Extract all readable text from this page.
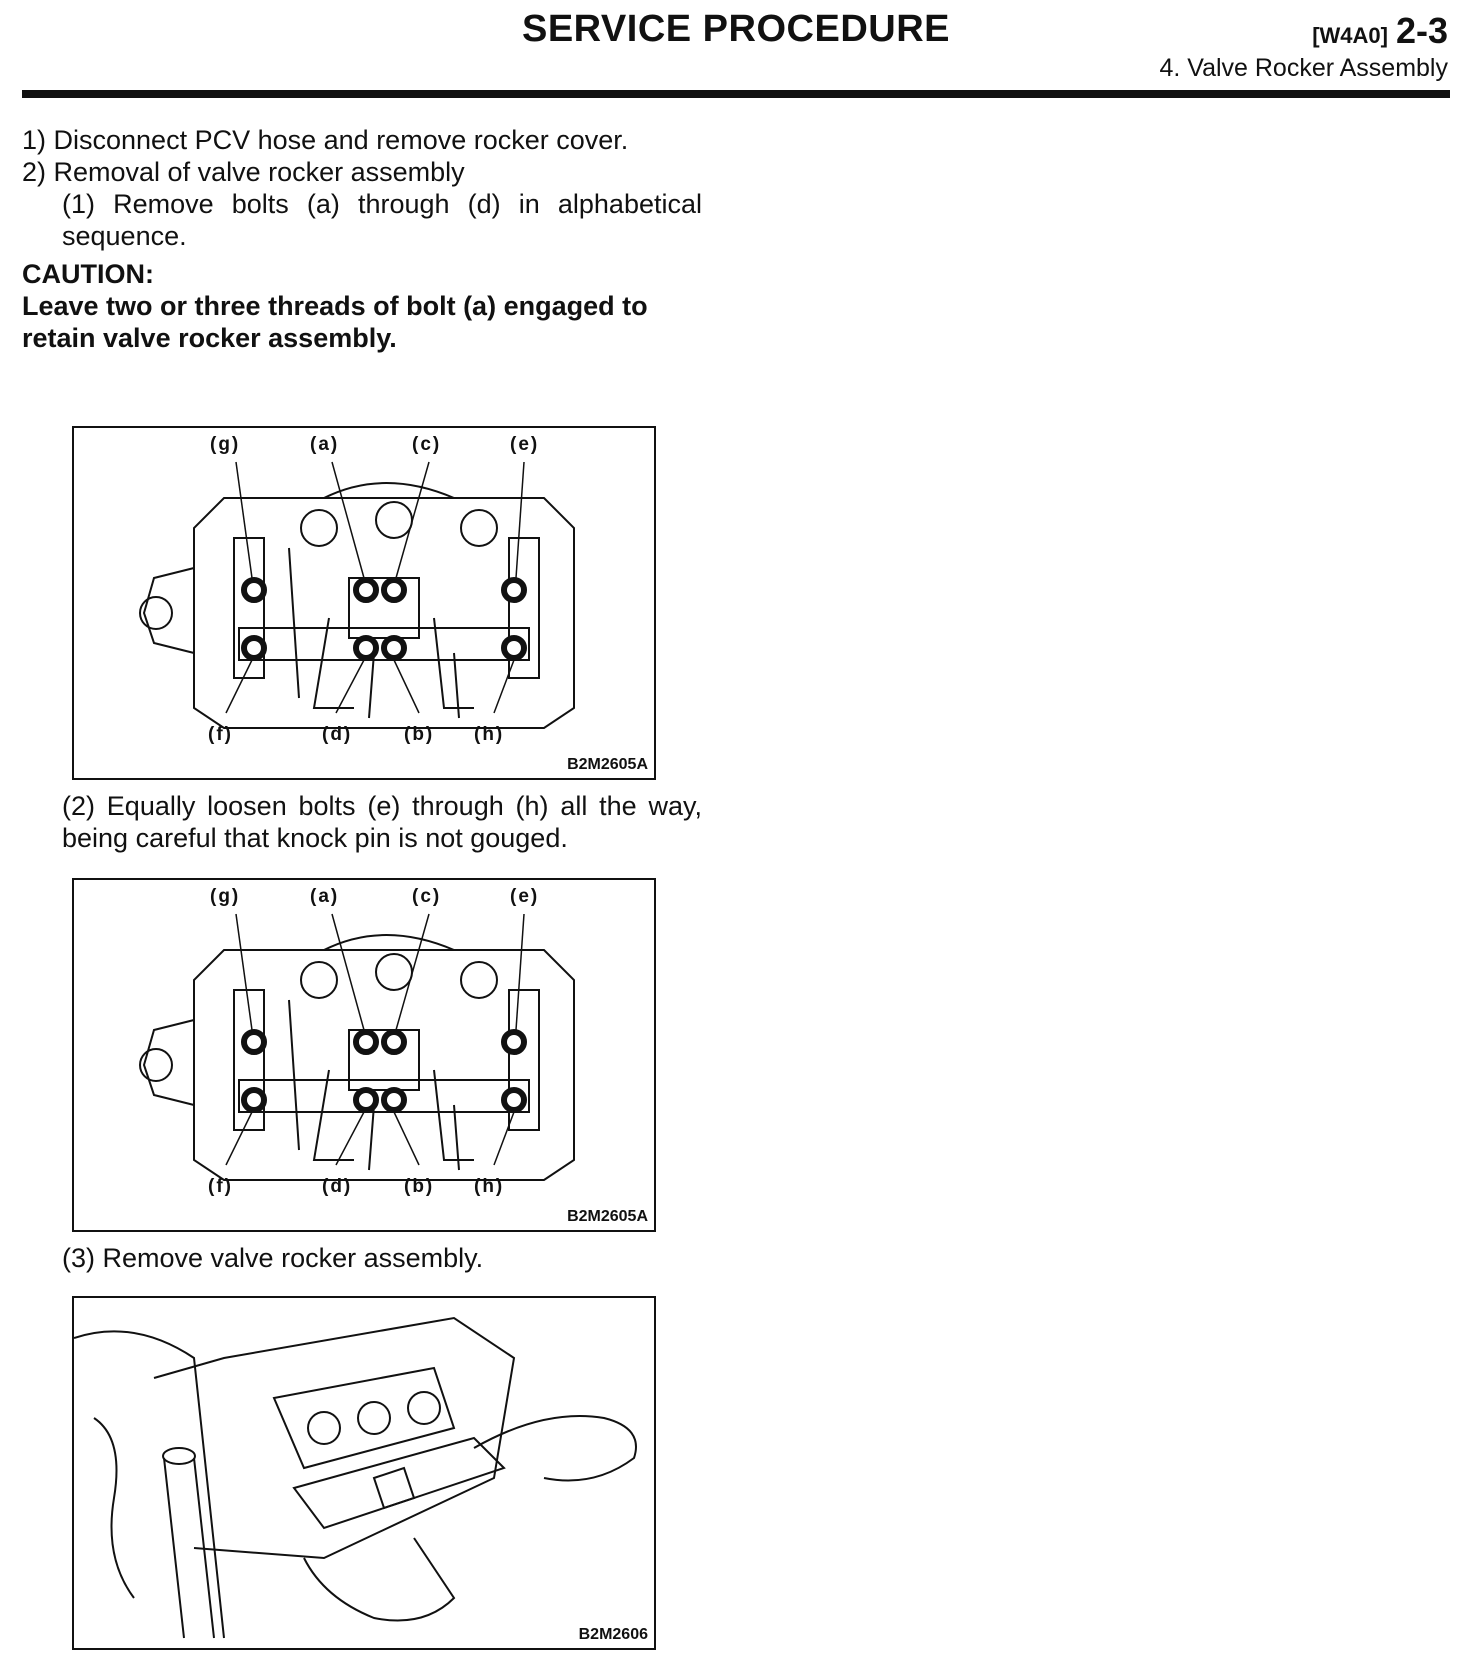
SERVICE PROCEDURE	[W4A0] 2-3
4. Valve Rocker Assembly

1) Disconnect PCV hose and remove rocker cover.

2) Removal of valve rocker assembly

(1) Remove bolts (a) through (d) in alphabetical sequence.

CAUTION:

Leave two or three threads of bolt (a) engaged to retain valve rocker assembly.

(g)	(a)	(c)	(e)
(f)	(d)	(b) (h)
B2M2605A

(2) Equally loosen bolts (e) through (h) all the way, being careful that knock pin is not gouged.

(g)	(a)	(c)	(e)
(f)	(d)	(b) (h)
B2M2605A

(3) Remove valve rocker assembly.

B2M2606
